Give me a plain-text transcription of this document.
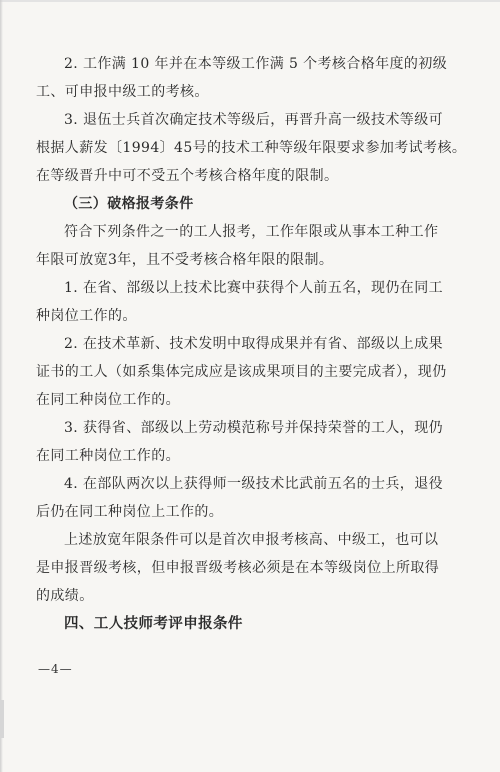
2. 工作满 10 年并在本等级工作满 5 个考核合格年度的初级

工、可申报中级工的考核。

3. 退伍士兵首次确定技术等级后，再晋升高一级技术等级可

根据人薪发〔1994〕45号的技术工种等级年限要求参加考试考核。

在等级晋升中可不受五个考核合格年度的限制。

（三）破格报考条件

符合下列条件之一的工人报考，工作年限或从事本工种工作

年限可放宽3年，且不受考核合格年限的限制。

1. 在省、部级以上技术比赛中获得个人前五名，现仍在同工

种岗位工作的。

2. 在技术革新、技术发明中取得成果并有省、部级以上成果

证书的工人（如系集体完成应是该成果项目的主要完成者），现仍

在同工种岗位工作的。

3. 获得省、部级以上劳动模范称号并保持荣誉的工人，现仍

在同工种岗位工作的。

4. 在部队两次以上获得师一级技术比武前五名的士兵，退役

后仍在同工种岗位上工作的。

上述放宽年限条件可以是首次申报考核高、中级工，也可以

是申报晋级考核，但申报晋级考核必须是在本等级岗位上所取得

的成绩。

四、工人技师考评申报条件

—4—
